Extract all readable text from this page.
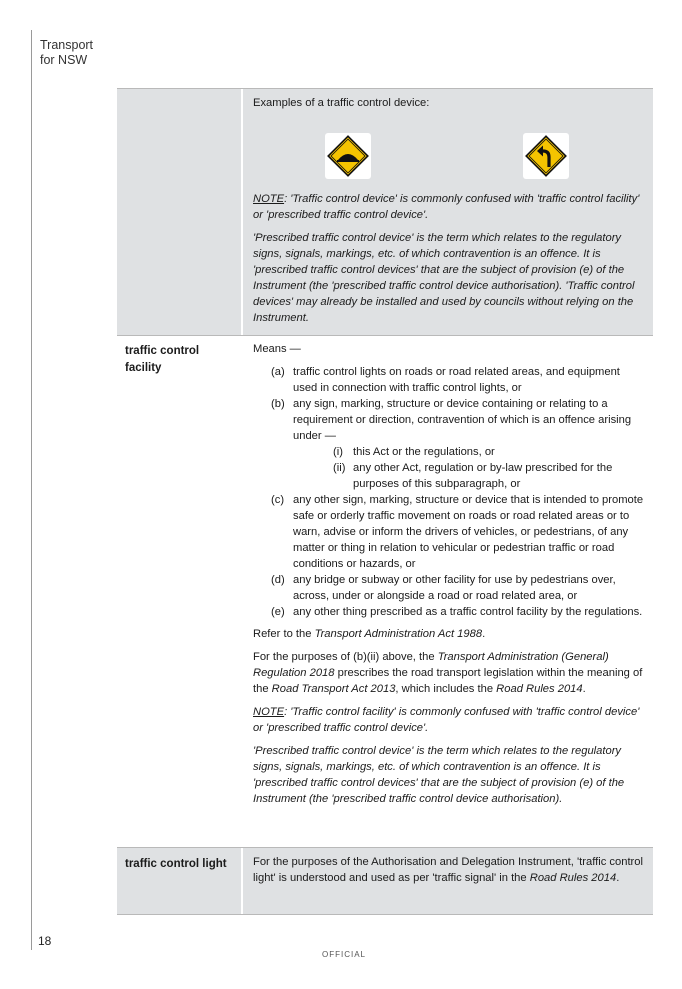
Transport
for NSW
Examples of a traffic control device:

NOTE: 'Traffic control device' is commonly confused with 'traffic control facility' or 'prescribed traffic control device'.

'Prescribed traffic control device' is the term which relates to the regulatory signs, signals, markings, etc. of which contravention is an offence. It is 'prescribed traffic control devices' that are the subject of provision (e) of the Instrument (the 'prescribed traffic control device authorisation). 'Traffic control devices' may already be installed and used by councils without relying on the Instrument.

traffic control facility

Means —

(a) traffic control lights on roads or road related areas, and equipment used in connection with traffic control lights, or
(b) any sign, marking, structure or device containing or relating to a requirement or direction, contravention of which is an offence arising under —
(i) this Act or the regulations, or
(ii) any other Act, regulation or by-law prescribed for the purposes of this subparagraph, or
(c) any other sign, marking, structure or device that is intended to promote safe or orderly traffic movement on roads or road related areas or to warn, advise or inform the drivers of vehicles, or pedestrians, of any matter or thing in relation to vehicular or pedestrian traffic or road conditions or hazards, or
(d) any bridge or subway or other facility for use by pedestrians over, across, under or alongside a road or road related area, or
(e) any other thing prescribed as a traffic control facility by the regulations.

Refer to the Transport Administration Act 1988.

For the purposes of (b)(ii) above, the Transport Administration (General) Regulation 2018 prescribes the road transport legislation within the meaning of the Road Transport Act 2013, which includes the Road Rules 2014.

NOTE: 'Traffic control facility' is commonly confused with 'traffic control device' or 'prescribed traffic control device'.

'Prescribed traffic control device' is the term which relates to the regulatory signs, signals, markings, etc. of which contravention is an offence. It is 'prescribed traffic control devices' that are the subject of provision (e) of the Instrument (the 'prescribed traffic control device authorisation).

traffic control light	For the purposes of the Authorisation and Delegation Instrument, 'traffic control light' is understood and used as per 'traffic signal' in the Road Rules 2014.

18
OFFICIAL
